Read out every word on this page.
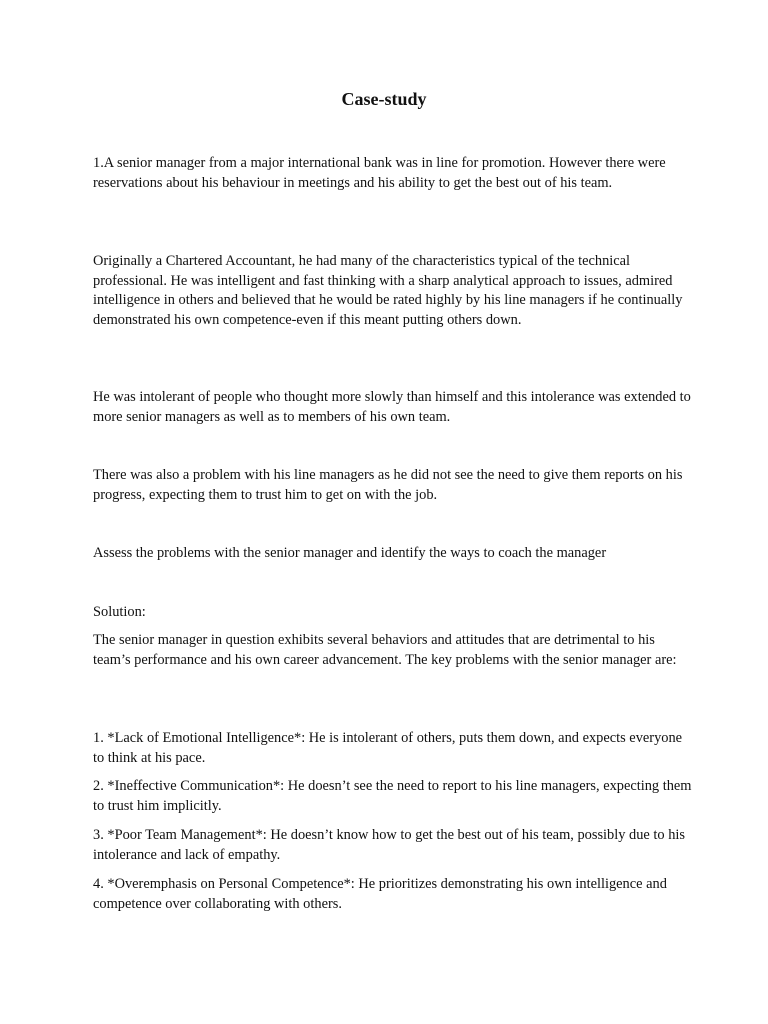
Case-study

1.A senior manager from a major international bank was in line for promotion. However there were reservations about his behaviour in meetings and his ability to get the best out of his team.

Originally a Chartered Accountant, he had many of the characteristics typical of the technical professional. He was intelligent and fast thinking with a sharp analytical approach to issues, admired intelligence in others and believed that he would be rated highly by his line managers if he continually demonstrated his own competence-even if this meant putting others down.

He was intolerant of people who thought more slowly than himself and this intolerance was extended to more senior managers as well as to members of his own team.

There was also a problem with his line managers as he did not see the need to give them reports on his progress, expecting them to trust him to get on with the job.

Assess the problems with the senior manager and identify the ways to coach the manager

Solution:

The senior manager in question exhibits several behaviors and attitudes that are detrimental to his team’s performance and his own career advancement. The key problems with the senior manager are:

1. *Lack of Emotional Intelligence*: He is intolerant of others, puts them down, and expects everyone to think at his pace.

2. *Ineffective Communication*: He doesn’t see the need to report to his line managers, expecting them to trust him implicitly.

3. *Poor Team Management*: He doesn’t know how to get the best out of his team, possibly due to his intolerance and lack of empathy.

4. *Overemphasis on Personal Competence*: He prioritizes demonstrating his own intelligence and competence over collaborating with others.
